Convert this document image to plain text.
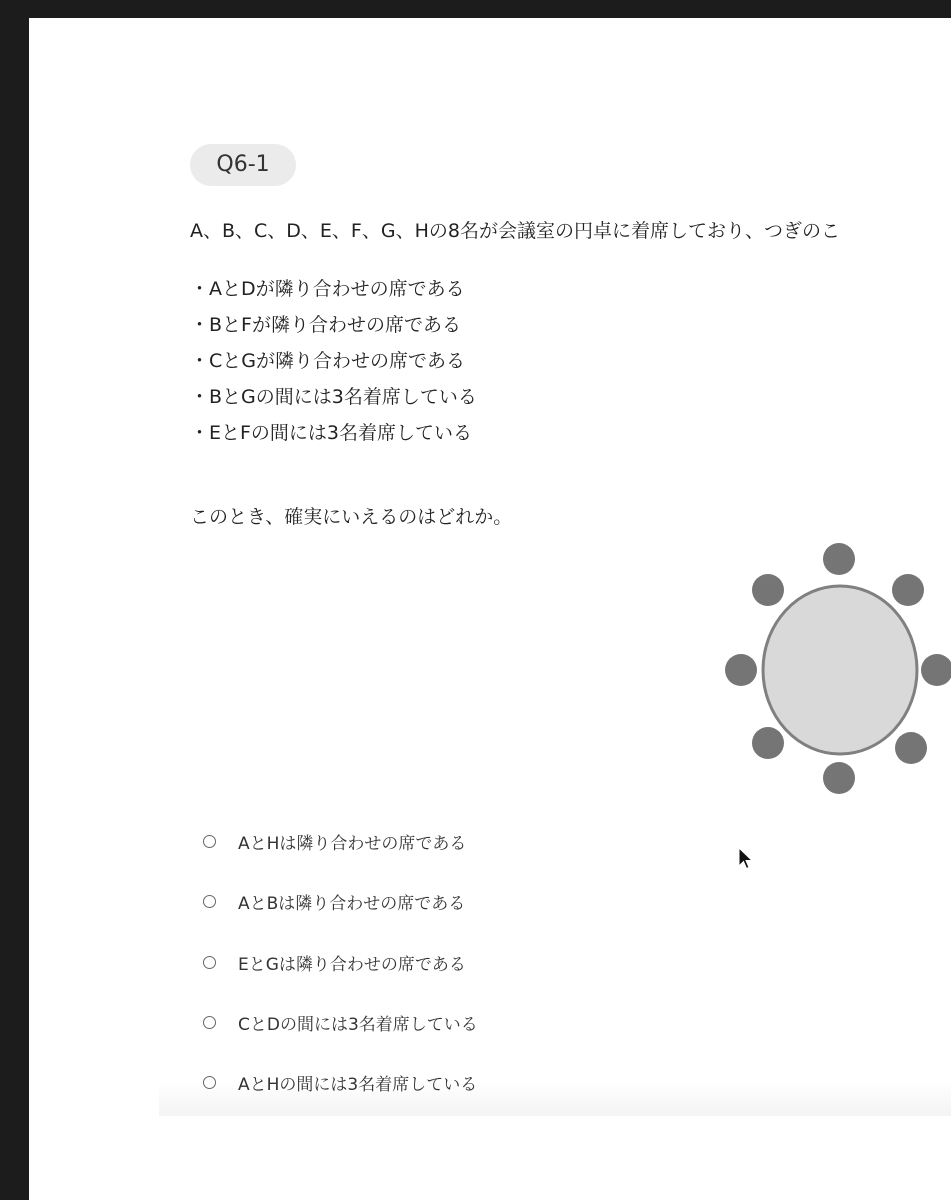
Q6-1
A、B、C、D、E、F、G、Hの8名が会議室の円卓に着席しており、つぎのこ
・AとDが隣り合わせの席である
・BとFが隣り合わせの席である
・CとGが隣り合わせの席である
・BとGの間には3名着席している
・EとFの間には3名着席している
このとき、確実にいえるのはどれか。
AとHは隣り合わせの席である
AとBは隣り合わせの席である
EとGは隣り合わせの席である
CとDの間には3名着席している
AとHの間には3名着席している
